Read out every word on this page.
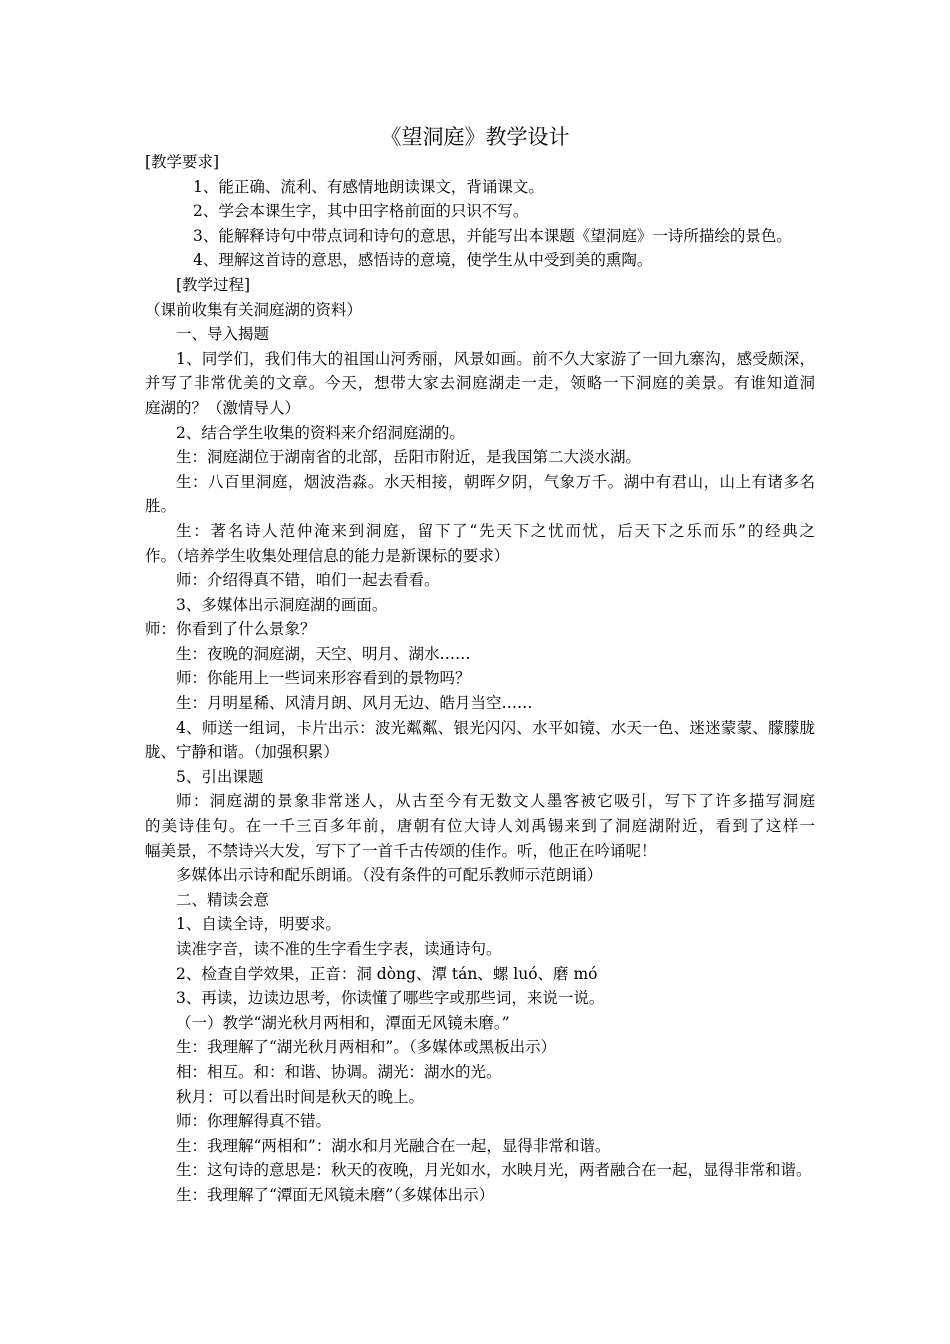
《望洞庭》教学设计
[教学要求]
1、能正确、流利、有感情地朗读课文，背诵课文。
2、学会本课生字，其中田字格前面的只识不写。
3、能解释诗句中带点词和诗句的意思，并能写出本课题《望洞庭》一诗所描绘的景色。
4、理解这首诗的意思，感悟诗的意境，使学生从中受到美的熏陶。
[教学过程]
（课前收集有关洞庭湖的资料）
一、导入揭题
1、同学们，我们伟大的祖国山河秀丽，风景如画。前不久大家游了一回九寨沟，感受颇深，
并写了非常优美的文章。今天，想带大家去洞庭湖走一走，领略一下洞庭的美景。有谁知道洞
庭湖的？（激情导人）
2、结合学生收集的资料来介绍洞庭湖的。
生：洞庭湖位于湖南省的北部，岳阳市附近，是我国第二大淡水湖。
生：八百里洞庭，烟波浩淼。水天相接，朝晖夕阴，气象万千。湖中有君山，山上有诸多名
胜。
生：著名诗人范仲淹来到洞庭，留下了“先天下之忧而忧，后天下之乐而乐”的经典之
作。（培养学生收集处理信息的能力是新课标的要求）
师：介绍得真不错，咱们一起去看看。
3、多媒体出示洞庭湖的画面。
师：你看到了什么景象？
生：夜晚的洞庭湖，天空、明月、湖水……
师：你能用上一些词来形容看到的景物吗？
生：月明星稀、风清月朗、风月无边、皓月当空……
4、师送一组词，卡片出示：波光粼粼、银光闪闪、水平如镜、水天一色、迷迷蒙蒙、朦朦胧
胧、宁静和谐。（加强积累）
5、引出课题
师：洞庭湖的景象非常迷人，从古至今有无数文人墨客被它吸引，写下了许多描写洞庭
的美诗佳句。在一千三百多年前，唐朝有位大诗人刘禹锡来到了洞庭湖附近，看到了这样一
幅美景，不禁诗兴大发，写下了一首千古传颂的佳作。听，他正在吟诵呢！
多媒体出示诗和配乐朗诵。（没有条件的可配乐教师示范朗诵）
二、精读会意
1、自读全诗，明要求。
读准字音，读不准的生字看生字表，读通诗句。
2、检查自学效果，正音：洞 dòng、潭 tán、螺 luó、磨 mó
3、再读，边读边思考，你读懂了哪些字或那些词，来说一说。
（一）教学“湖光秋月两相和，潭面无风镜未磨。”
生：我理解了“湖光秋月两相和”。（多媒体或黑板出示）
相：相互。和：和谐、协调。湖光：湖水的光。
秋月：可以看出时间是秋天的晚上。
师：你理解得真不错。
生：我理解“两相和”：湖水和月光融合在一起，显得非常和谐。
生：这句诗的意思是：秋天的夜晚，月光如水，水映月光，两者融合在一起，显得非常和谐。
生：我理解了“潭面无风镜未磨”（多媒体出示）
